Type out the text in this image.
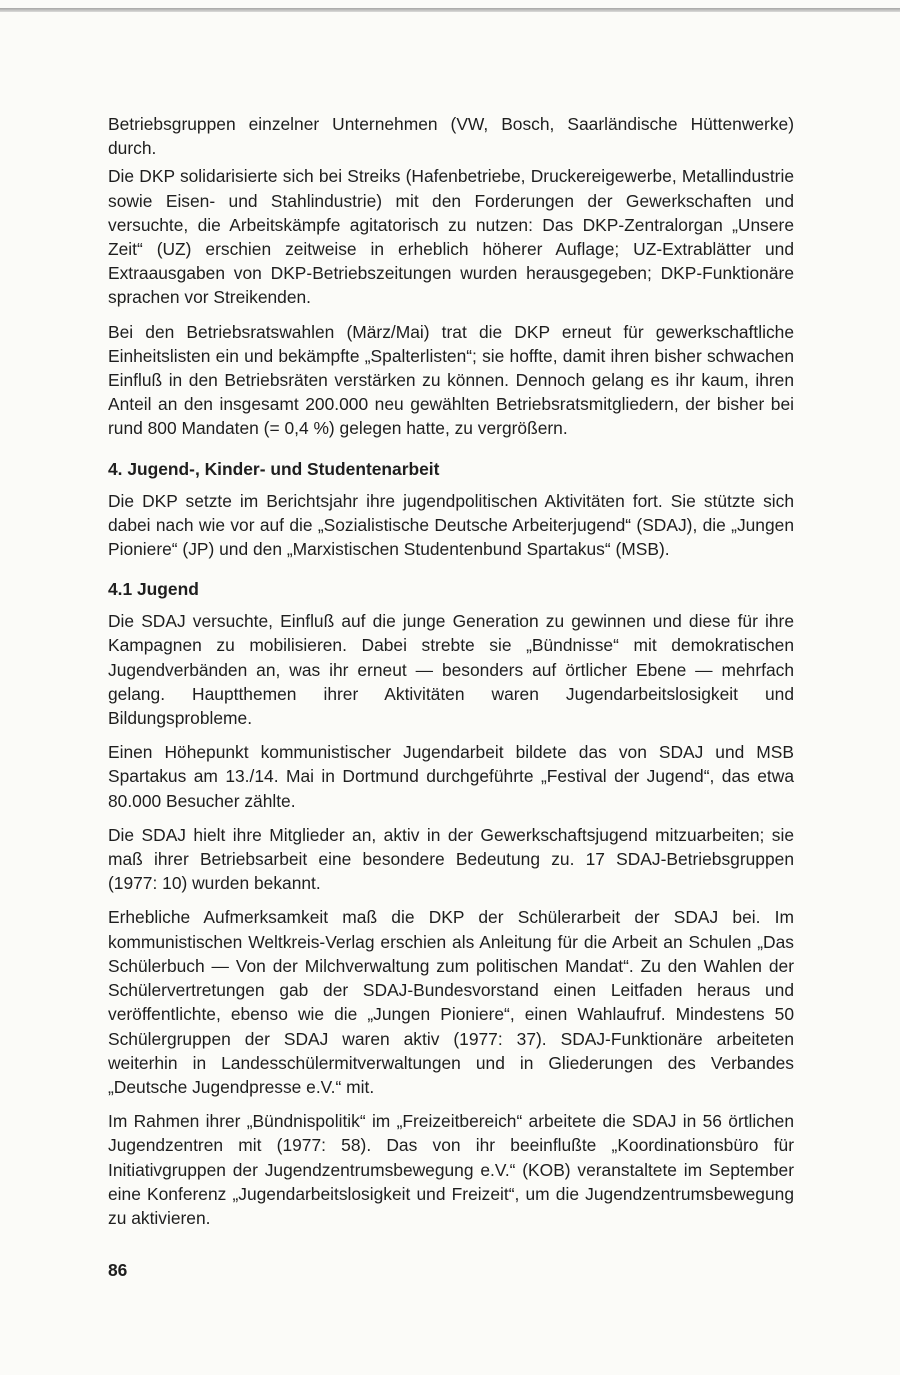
Betriebsgruppen einzelner Unternehmen (VW, Bosch, Saarländische Hüttenwerke) durch.

Die DKP solidarisierte sich bei Streiks (Hafenbetriebe, Druckereigewerbe, Metallindustrie sowie Eisen- und Stahlindustrie) mit den Forderungen der Gewerkschaften und versuchte, die Arbeitskämpfe agitatorisch zu nutzen: Das DKP-Zentralorgan „Unsere Zeit“ (UZ) erschien zeitweise in erheblich höherer Auflage; UZ-Extrablätter und Extraausgaben von DKP-Betriebszeitungen wurden herausgegeben; DKP-Funktionäre sprachen vor Streikenden.

Bei den Betriebsratswahlen (März/Mai) trat die DKP erneut für gewerkschaftliche Einheitslisten ein und bekämpfte „Spalterlisten“; sie hoffte, damit ihren bisher schwachen Einfluß in den Betriebsräten verstärken zu können. Dennoch gelang es ihr kaum, ihren Anteil an den insgesamt 200.000 neu gewählten Betriebsratsmitgliedern, der bisher bei rund 800 Mandaten (= 0,4 %) gelegen hatte, zu vergrößern.

4. Jugend-, Kinder- und Studentenarbeit

Die DKP setzte im Berichtsjahr ihre jugendpolitischen Aktivitäten fort. Sie stützte sich dabei nach wie vor auf die „Sozialistische Deutsche Arbeiterjugend“ (SDAJ), die „Jungen Pioniere“ (JP) und den „Marxistischen Studentenbund Spartakus“ (MSB).

4.1 Jugend

Die SDAJ versuchte, Einfluß auf die junge Generation zu gewinnen und diese für ihre Kampagnen zu mobilisieren. Dabei strebte sie „Bündnisse“ mit demokratischen Jugendverbänden an, was ihr erneut — besonders auf örtlicher Ebene — mehrfach gelang. Hauptthemen ihrer Aktivitäten waren Jugendarbeitslosigkeit und Bildungsprobleme.

Einen Höhepunkt kommunistischer Jugendarbeit bildete das von SDAJ und MSB Spartakus am 13./14. Mai in Dortmund durchgeführte „Festival der Jugend“, das etwa 80.000 Besucher zählte.

Die SDAJ hielt ihre Mitglieder an, aktiv in der Gewerkschaftsjugend mitzuarbeiten; sie maß ihrer Betriebsarbeit eine besondere Bedeutung zu. 17 SDAJ-Betriebsgruppen (1977: 10) wurden bekannt.

Erhebliche Aufmerksamkeit maß die DKP der Schülerarbeit der SDAJ bei. Im kommunistischen Weltkreis-Verlag erschien als Anleitung für die Arbeit an Schulen „Das Schülerbuch — Von der Milchverwaltung zum politischen Mandat“. Zu den Wahlen der Schülervertretungen gab der SDAJ-Bundesvorstand einen Leitfaden heraus und veröffentlichte, ebenso wie die „Jungen Pioniere“, einen Wahlaufruf. Mindestens 50 Schülergruppen der SDAJ waren aktiv (1977: 37). SDAJ-Funktionäre arbeiteten weiterhin in Landesschülermitverwaltungen und in Gliederungen des Verbandes „Deutsche Jugendpresse e.V.“ mit.

Im Rahmen ihrer „Bündnispolitik“ im „Freizeitbereich“ arbeitete die SDAJ in 56 örtlichen Jugendzentren mit (1977: 58). Das von ihr beeinflußte „Koordinationsbüro für Initiativgruppen der Jugendzentrumsbewegung e.V.“ (KOB) veranstaltete im September eine Konferenz „Jugendarbeitslosigkeit und Freizeit“, um die Jugendzentrumsbewegung zu aktivieren.

86
